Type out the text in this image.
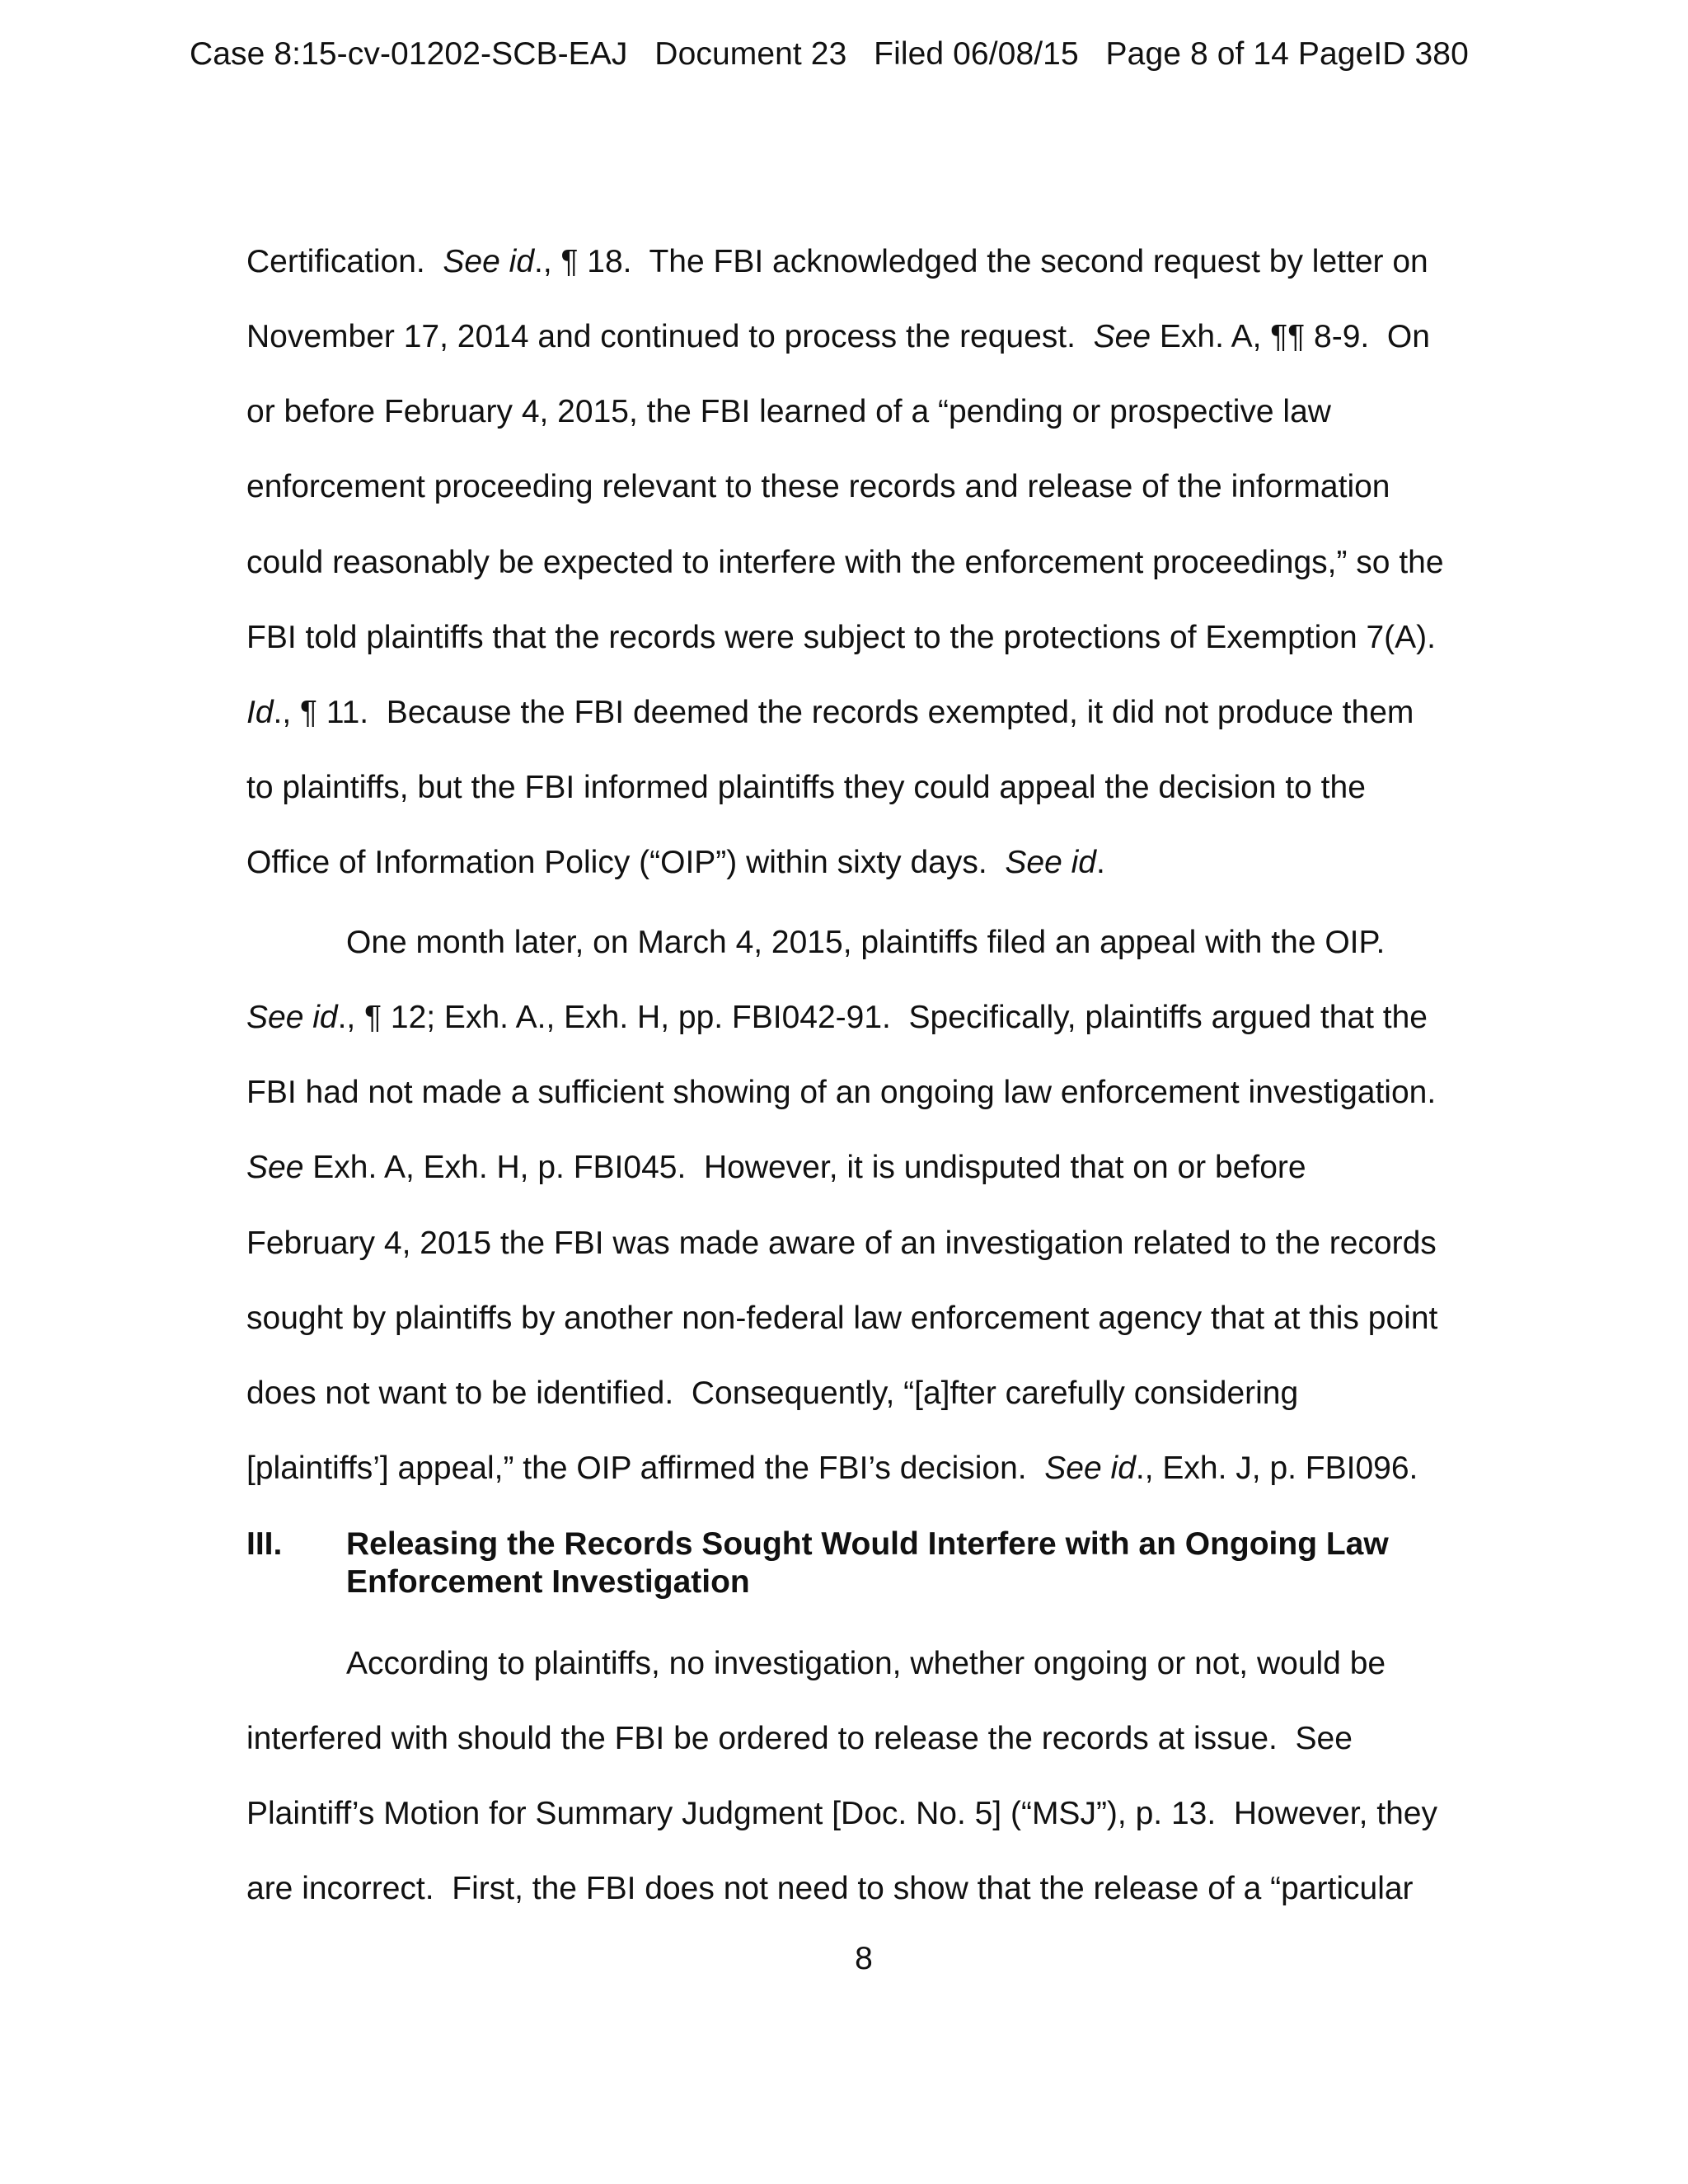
Case 8:15-cv-01202-SCB-EAJ   Document 23   Filed 06/08/15   Page 8 of 14 PageID 380
Certification.  See id., ¶ 18.  The FBI acknowledged the second request by letter on
November 17, 2014 and continued to process the request.  See Exh. A, ¶¶ 8-9.  On
or before February 4, 2015, the FBI learned of a “pending or prospective law
enforcement proceeding relevant to these records and release of the information
could reasonably be expected to interfere with the enforcement proceedings,” so the
FBI told plaintiffs that the records were subject to the protections of Exemption 7(A).
Id., ¶ 11.  Because the FBI deemed the records exempted, it did not produce them
to plaintiffs, but the FBI informed plaintiffs they could appeal the decision to the
Office of Information Policy (“OIP”) within sixty days.  See id.
One month later, on March 4, 2015, plaintiffs filed an appeal with the OIP.
See id., ¶ 12; Exh. A., Exh. H, pp. FBI042-91.  Specifically, plaintiffs argued that the
FBI had not made a sufficient showing of an ongoing law enforcement investigation.
See Exh. A, Exh. H, p. FBI045.  However, it is undisputed that on or before
February 4, 2015 the FBI was made aware of an investigation related to the records
sought by plaintiffs by another non-federal law enforcement agency that at this point
does not want to be identified.  Consequently, “[a]fter carefully considering
[plaintiffs’] appeal,” the OIP affirmed the FBI’s decision.  See id., Exh. J, p. FBI096.
III. Releasing the Records Sought Would Interfere with an Ongoing Law
Enforcement Investigation
According to plaintiffs, no investigation, whether ongoing or not, would be
interfered with should the FBI be ordered to release the records at issue.  See
Plaintiff’s Motion for Summary Judgment [Doc. No. 5] (“MSJ”), p. 13.  However, they
are incorrect.  First, the FBI does not need to show that the release of a “particular
8
